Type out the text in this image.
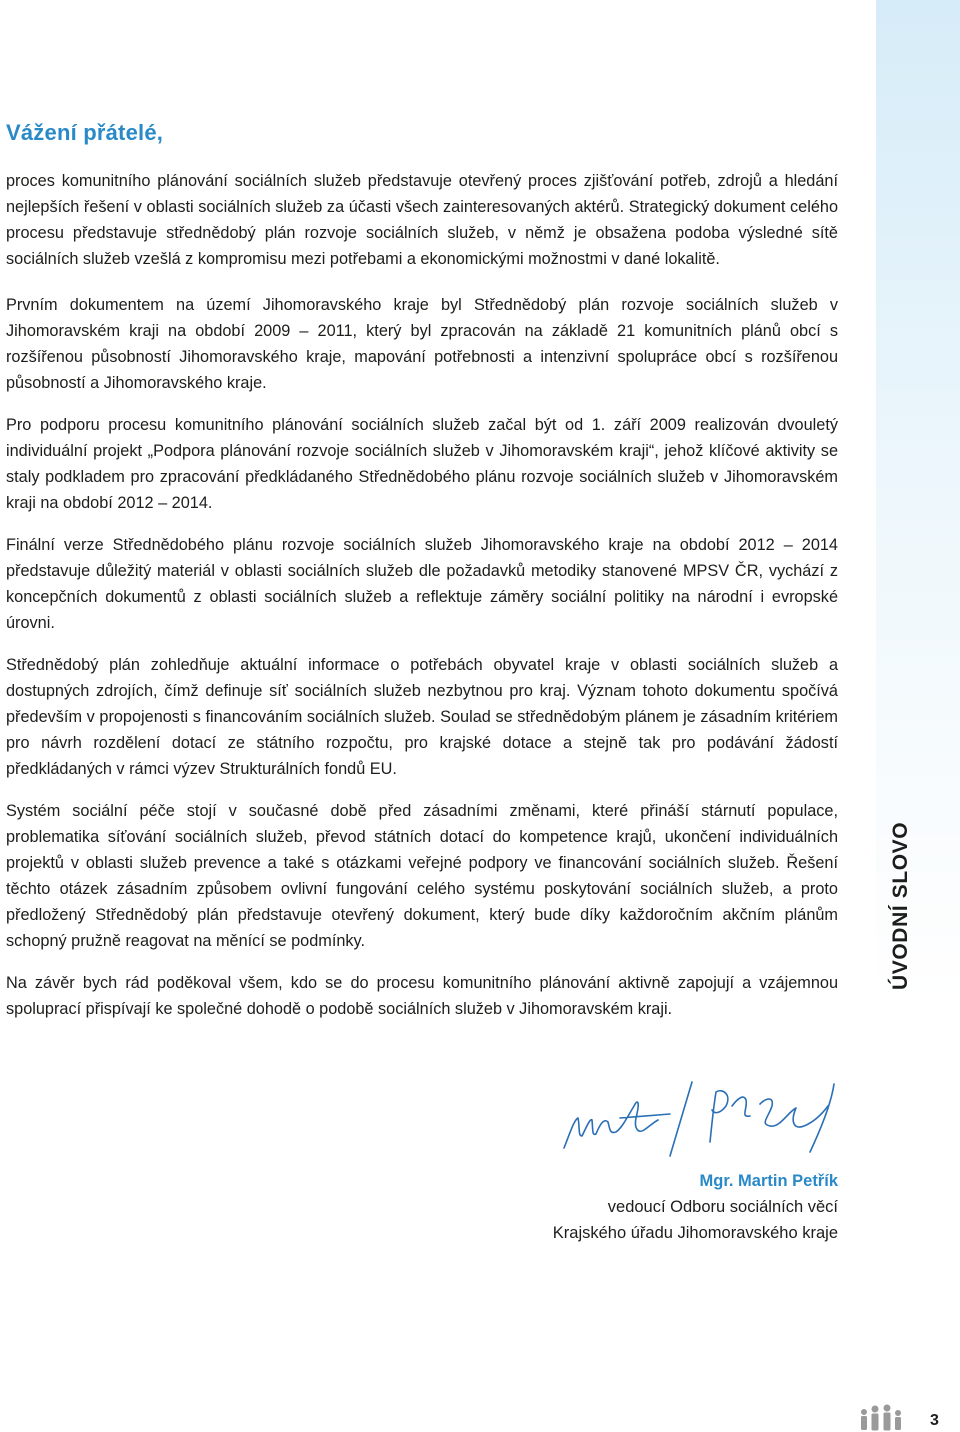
ÚVODNÍ SLOVO
Vážení přátelé,

proces komunitního plánování sociálních služeb představuje otevřený proces zjišťování potřeb, zdrojů a hledání nejlepších řešení v oblasti sociálních služeb za účasti všech zainteresovaných aktérů. Strategický dokument celého procesu představuje střednědobý plán rozvoje sociálních služeb, v němž je obsažena podoba výsledné sítě sociálních služeb vzešlá z kompromisu mezi potřebami a ekonomickými možnostmi v dané lokalitě.

Prvním dokumentem na území Jihomoravského kraje byl Střednědobý plán rozvoje sociálních služeb v Jihomoravském kraji na období 2009 – 2011, který byl zpracován na základě 21 komunitních plánů obcí s rozšířenou působností Jihomoravského kraje, mapování potřebnosti a intenzivní spolupráce obcí s rozšířenou působností a Jihomoravského kraje.

Pro podporu procesu komunitního plánování sociálních služeb začal být od 1. září 2009 realizován dvouletý individuální projekt „Podpora plánování rozvoje sociálních služeb v Jihomoravském kraji“, jehož klíčové aktivity se staly podkladem pro zpracování předkládaného Střednědobého plánu rozvoje sociálních služeb v Jihomoravském kraji na období 2012 – 2014.

Finální verze Střednědobého plánu rozvoje sociálních služeb Jihomoravského kraje na období 2012 – 2014 představuje důležitý materiál v oblasti sociálních služeb dle požadavků metodiky stanovené MPSV ČR, vychází z koncepčních dokumentů z oblasti sociálních služeb a reflektuje záměry sociální politiky na národní i evropské úrovni.

Střednědobý plán zohledňuje aktuální informace o potřebách obyvatel kraje v oblasti sociálních služeb a dostupných zdrojích, čímž definuje síť sociálních služeb nezbytnou pro kraj. Význam tohoto dokumentu spočívá především v propojenosti s financováním sociálních služeb. Soulad se střednědobým plánem je zásadním kritériem pro návrh rozdělení dotací ze státního rozpočtu, pro krajské dotace a stejně tak pro podávání žádostí předkládaných v rámci výzev Strukturálních fondů EU.

Systém sociální péče stojí v současné době před zásadními změnami, které přináší stárnutí populace, problematika síťování sociálních služeb, převod státních dotací do kompetence krajů, ukončení individuálních projektů v oblasti služeb prevence a také s otázkami veřejné podpory ve financování sociálních služeb. Řešení těchto otázek zásadním způsobem ovlivní fungování celého systému poskytování sociálních služeb, a proto předložený Střednědobý plán představuje otevřený dokument, který bude díky každoročním akčním plánům schopný pružně reagovat na měnící se podmínky.

Na závěr bych rád poděkoval všem, kdo se do procesu komunitního plánování aktivně zapojují a vzájemnou spoluprací přispívají ke společné dohodě o podobě sociálních služeb v Jihomoravském kraji.

Mgr. Martin Petřík
vedoucí Odboru sociálních věcí
Krajského úřadu Jihomoravského kraje
3
